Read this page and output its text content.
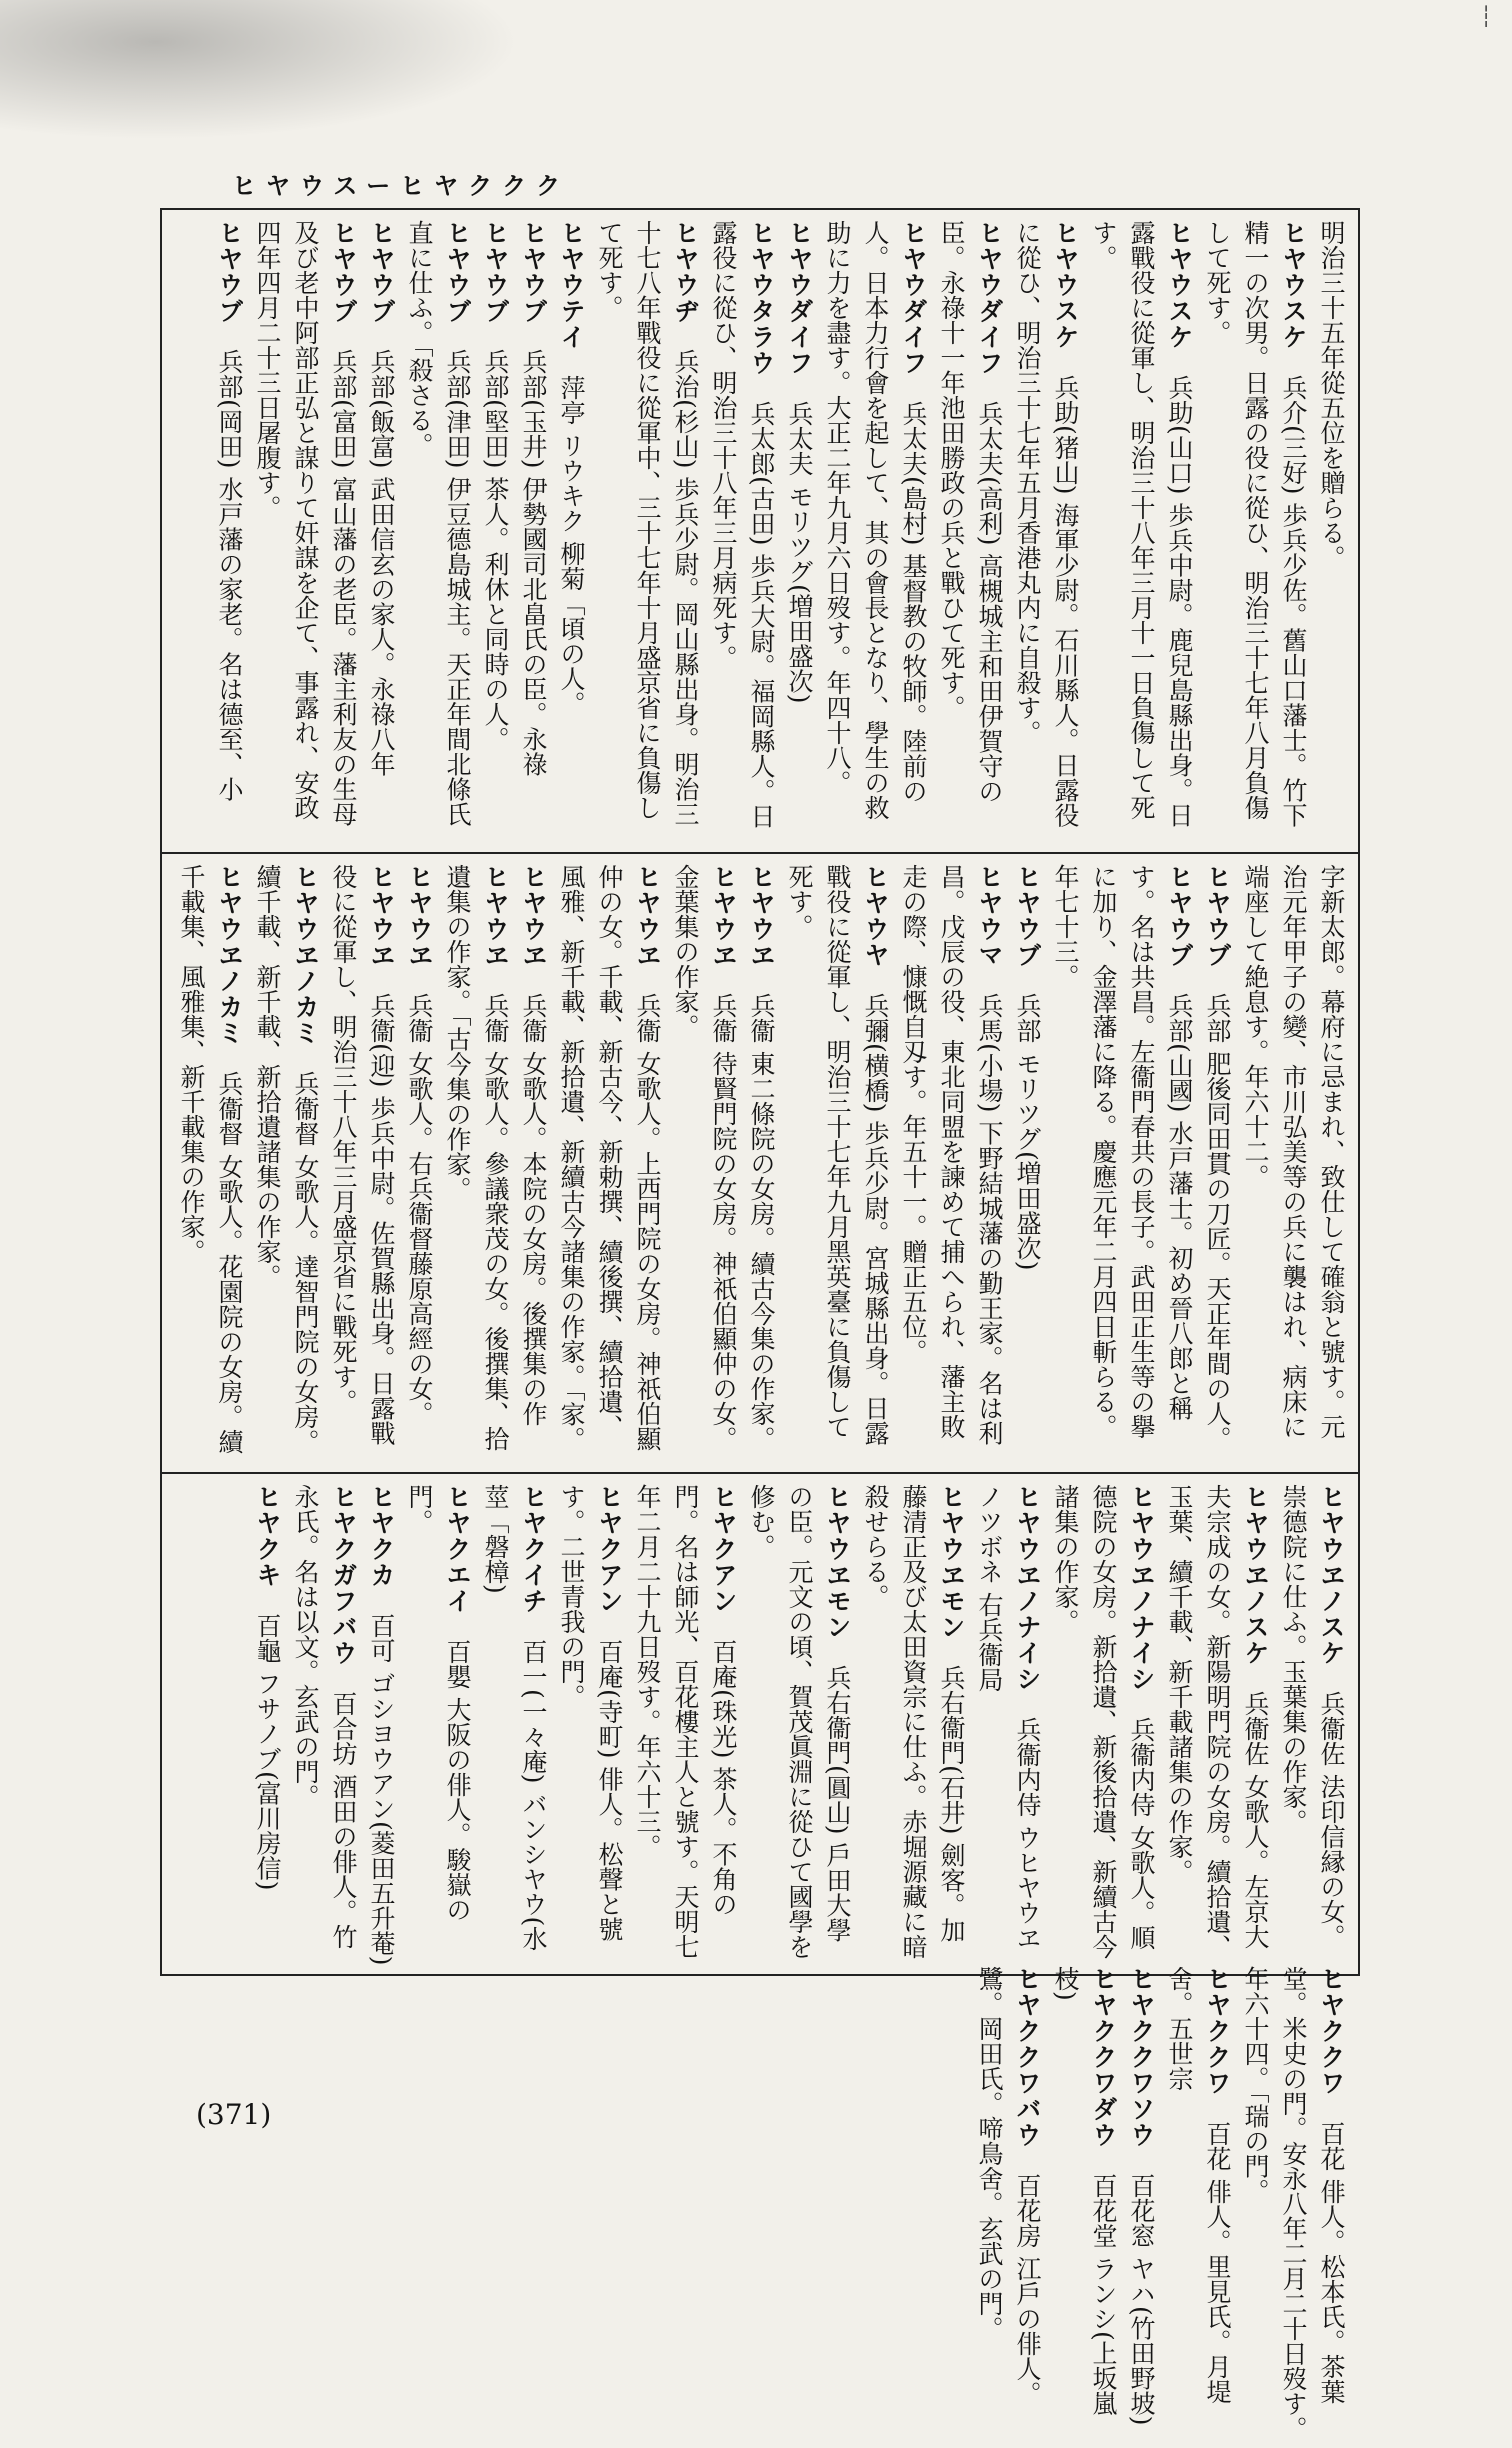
┆
ヒヤウスーヒヤククク

明治三十五年從五位を贈らる。

ヒヤウスケ　兵介(三好) 歩兵少佐。舊山口藩士。竹下精一の次男。日露の役に從ひ、明治三十七年八月負傷して死す。

ヒヤウスケ　兵助(山口) 歩兵中尉。鹿兒島縣出身。日露戰役に從軍し、明治三十八年三月十一日負傷して死す。

ヒヤウスケ　兵助(猪山) 海軍少尉。石川縣人。日露役に從ひ、明治三十七年五月香港丸内に自殺す。

ヒヤウダイフ　兵太夫(高利) 高槻城主和田伊賀守の臣。永祿十一年池田勝政の兵と戰ひて死す。

ヒヤウダイフ　兵太夫(島村) 基督教の牧師。陸前の人。日本力行會を起して、其の會長となり、學生の救助に力を盡す。大正二年九月六日歿す。年四十八。

ヒヤウダイフ　兵太夫 モリツグ(増田盛次)

ヒヤウタラウ　兵太郎(古田) 歩兵大尉。福岡縣人。日露役に從ひ、明治三十八年三月病死す。

ヒヤウヂ　兵治(杉山) 歩兵少尉。岡山縣出身。明治三十七八年戰役に從軍中、三十七年十月盛京省に負傷して死す。

ヒヤウテイ　萍亭 リウキク 柳菊「頃の人。

ヒヤウブ　兵部(玉井) 伊勢國司北畠氏の臣。永祿

ヒヤウブ　兵部(堅田) 茶人。利休と同時の人。

ヒヤウブ　兵部(津田) 伊豆德島城主。天正年間北條氏直に仕ふ。「殺さる。

ヒヤウブ　兵部(飯富) 武田信玄の家人。永祿八年

ヒヤウブ　兵部(富田) 富山藩の老臣。藩主利友の生母及び老中阿部正弘と謀りて奸謀を企て、事露れ、安政四年四月二十三日屠腹す。

ヒヤウブ　兵部(岡田) 水戸藩の家老。名は德至、小

字新太郎。幕府に忌まれ、致仕して確翁と號す。元治元年甲子の變、市川弘美等の兵に襲はれ、病床に端座して絶息す。年六十二。

ヒヤウブ　兵部 肥後同田貫の刀匠。天正年間の人。

ヒヤウブ　兵部(山國) 水戸藩士。初め晉八郎と稱す。名は共昌。左衞門春共の長子。武田正生等の擧に加り、金澤藩に降る。慶應元年二月四日斬らる。年七十三。

ヒヤウブ　兵部 モリツグ(増田盛次)

ヒヤウマ　兵馬(小場) 下野結城藩の勤王家。名は利昌。戊辰の役、東北同盟を諫めて捕へられ、藩主敗走の際、慷慨自刄す。年五十一。贈正五位。

ヒヤウヤ　兵彌(横橋) 歩兵少尉。宮城縣出身。日露戰役に從軍し、明治三十七年九月黑英臺に負傷して死す。

ヒヤウヱ　兵衞 東二條院の女房。續古今集の作家。

ヒヤウヱ　兵衞 待賢門院の女房。神祇伯顯仲の女。金葉集の作家。

ヒヤウヱ　兵衞 女歌人。上西門院の女房。神祇伯顯仲の女。千載、新古今、新勅撰、續後撰、續拾遺、風雅、新千載、新拾遺、新續古今諸集の作家。「家。

ヒヤウヱ　兵衞 女歌人。本院の女房。後撰集の作

ヒヤウヱ　兵衞 女歌人。參議衆茂の女。後撰集、拾遺集の作家。「古今集の作家。

ヒヤウヱ　兵衞 女歌人。右兵衞督藤原高經の女。

ヒヤウヱ　兵衞(迎) 歩兵中尉。佐賀縣出身。日露戰役に從軍し、明治三十八年三月盛京省に戰死す。

ヒヤウヱノカミ　兵衞督 女歌人。達智門院の女房。續千載、新千載、新拾遺諸集の作家。

ヒヤウヱノカミ　兵衞督 女歌人。花園院の女房。續千載集、風雅集、新千載集の作家。

ヒヤウヱノスケ　兵衞佐 法印信縁の女。崇德院に仕ふ。玉葉集の作家。

ヒヤウヱノスケ　兵衞佐 女歌人。左京大夫宗成の女。新陽明門院の女房。續拾遺、玉葉、續千載、新千載諸集の作家。

ヒヤウヱノナイシ　兵衞内侍 女歌人。順德院の女房。新拾遺、新後拾遺、新續古今諸集の作家。

ヒヤウヱノナイシ　兵衞内侍 ウヒヤウヱノツボネ 右兵衞局

ヒヤウヱモン　兵右衞門(石井) 劍客。加藤清正及び太田資宗に仕ふ。赤堀源藏に暗殺せらる。

ヒヤウヱモン　兵右衞門(圓山) 戶田大學の臣。元文の頃、賀茂眞淵に從ひて國學を修む。

ヒヤクアン　百庵(珠光) 茶人。不角の門。名は師光、百花樓主人と號す。天明七年二月二十九日歿す。年六十三。

ヒヤクアン　百庵(寺町) 俳人。松聲と號す。二世青我の門。

ヒヤクイチ　百一(一々庵) バンシヤウ(水莖「磐樟)

ヒヤクエイ　百嬰 大阪の俳人。駿嶽の門。

ヒヤクカ　百可 ゴシヨウアン(菱田五升菴)

ヒヤクガフバウ　百合坊 酒田の俳人。竹永氏。名は以文。玄武の門。

ヒヤクキ　百龜 フサノブ(富川房信)

ヒヤククワ　百花 俳人。松本氏。茶葉堂。米史の門。安永八年二月二十日歿す。年六十四。「瑞の門。

ヒヤククワ　百花 俳人。里見氏。月堤舍。五世宗

ヒヤククワソウ　百花窓 ヤハ(竹田野坡)

ヒヤククワダウ　百花堂 ランシ(上坂嵐枝)

ヒヤククワバウ　百花房 江戶の俳人。鷺。岡田氏。啼鳥舍。玄武の門。

(371)
